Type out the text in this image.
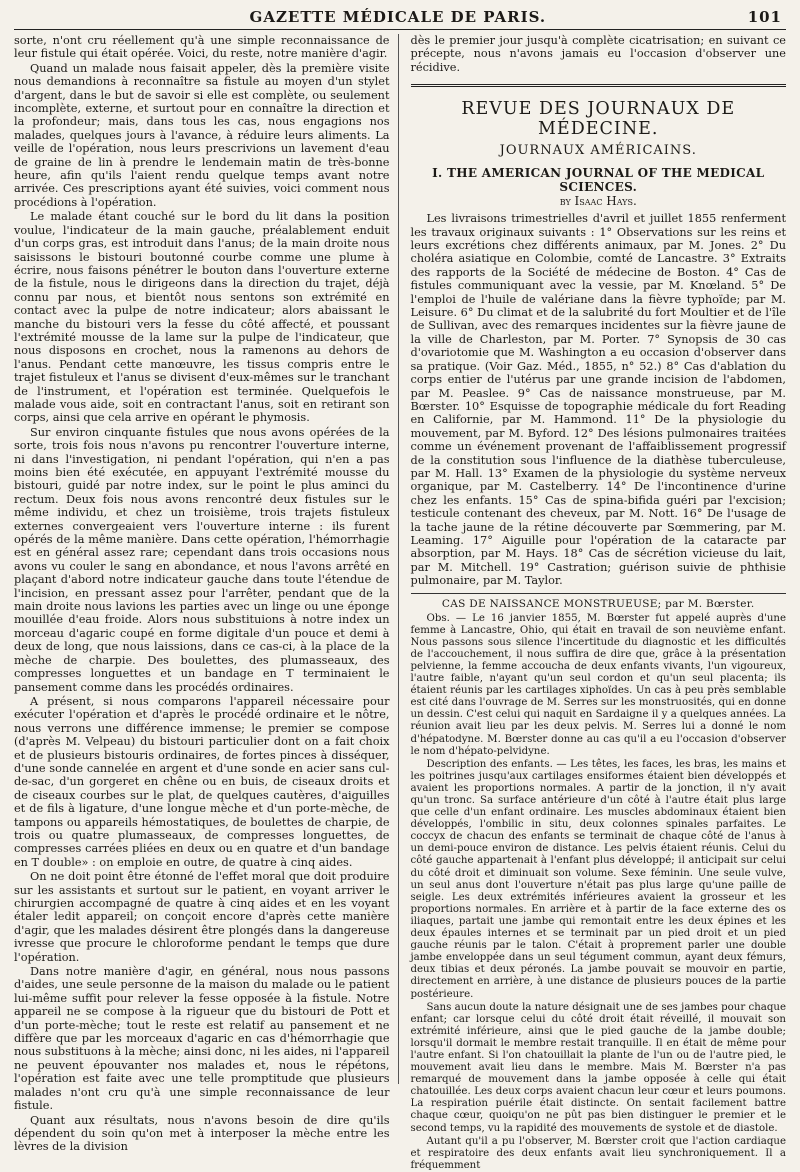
GAZETTE MÉDICALE DE PARIS.	101

sorte, n'ont cru réellement qu'à une simple reconnaissance de leur fistule qui était opérée. Voici, du reste, notre manière d'agir.

Quand un malade nous faisait appeler, dès la première visite nous demandions à reconnaître sa fistule au moyen d'un stylet d'argent, dans le but de savoir si elle est complète, ou seulement incomplète, externe, et surtout pour en connaître la direction et la profondeur; mais, dans tous les cas, nous engagions nos malades, quelques jours à l'avance, à réduire leurs aliments. La veille de l'opération, nous leurs prescrivions un lavement d'eau de graine de lin à prendre le lendemain matin de très-bonne heure, afin qu'ils l'aient rendu quelque temps avant notre arrivée. Ces prescriptions ayant été suivies, voici comment nous procédions à l'opération.

Le malade étant couché sur le bord du lit dans la position voulue, l'indicateur de la main gauche, préalablement enduit d'un corps gras, est introduit dans l'anus; de la main droite nous saisissons le bistouri boutonné courbe comme une plume à écrire, nous faisons pénétrer le bouton dans l'ouverture externe de la fistule, nous le dirigeons dans la direction du trajet, déjà connu par nous, et bientôt nous sentons son extrémité en contact avec la pulpe de notre indicateur; alors abaissant le manche du bistouri vers la fesse du côté affecté, et poussant l'extrémité mousse de la lame sur la pulpe de l'indicateur, que nous disposons en crochet, nous la ramenons au dehors de l'anus. Pendant cette manœuvre, les tissus compris entre le trajet fistuleux et l'anus se divisent d'eux-mêmes sur le tranchant de l'instrument, et l'opération est terminée. Quelquefois le malade vous aide, soit en contractant l'anus, soit en retirant son corps, ainsi que cela arrive en opérant le phymosis.

Sur environ cinquante fistules que nous avons opérées de la sorte, trois fois nous n'avons pu rencontrer l'ouverture interne, ni dans l'investigation, ni pendant l'opération, qui n'en a pas moins bien été exécutée, en appuyant l'extrémité mousse du bistouri, guidé par notre index, sur le point le plus aminci du rectum. Deux fois nous avons rencontré deux fistules sur le même individu, et chez un troisième, trois trajets fistuleux externes convergeaient vers l'ouverture interne : ils furent opérés de la même manière. Dans cette opération, l'hémorrhagie est en général assez rare; cependant dans trois occasions nous avons vu couler le sang en abondance, et nous l'avons arrêté en plaçant d'abord notre indicateur gauche dans toute l'étendue de l'incision, en pressant assez pour l'arrêter, pendant que de la main droite nous lavions les parties avec un linge ou une éponge mouillée d'eau froide. Alors nous substituions à notre index un morceau d'agaric coupé en forme digitale d'un pouce et demi à deux de long, que nous laissions, dans ce cas-ci, à la place de la mèche de charpie. Des boulettes, des plumasseaux, des compresses longuettes et un bandage en T terminaient le pansement comme dans les procédés ordinaires.

A présent, si nous comparons l'appareil nécessaire pour exécuter l'opération et d'après le procédé ordinaire et le nôtre, nous verrons une différence immense; le premier se compose (d'après M. Velpeau) du bistouri particulier dont on a fait choix et de plusieurs bistouris ordinaires, de fortes pinces à disséquer, d'une sonde cannelée en argent et d'une sonde en acier sans cul-de-sac, d'un gorgeret en chêne ou en buis, de ciseaux droits et de ciseaux courbes sur le plat, de quelques cautères, d'aiguilles et de fils à ligature, d'une longue mèche et d'un porte-mèche, de tampons ou appareils hémostatiques, de boulettes de charpie, de trois ou quatre plumasseaux, de compresses longuettes, de compresses carrées pliées en deux ou en quatre et d'un bandage en T double» : on emploie en outre, de quatre à cinq aides.

On ne doit point être étonné de l'effet moral que doit produire sur les assistants et surtout sur le patient, en voyant arriver le chirurgien accompagné de quatre à cinq aides et en les voyant étaler ledit appareil; on conçoit encore d'après cette manière d'agir, que les malades désirent être plongés dans la dangereuse ivresse que procure le chloroforme pendant le temps que dure l'opération.

Dans notre manière d'agir, en général, nous nous passons d'aides, une seule personne de la maison du malade ou le patient lui-même suffit pour relever la fesse opposée à la fistule. Notre appareil ne se compose à la rigueur que du bistouri de Pott et d'un porte-mèche; tout le reste est relatif au pansement et ne diffère que par les morceaux d'agaric en cas d'hémorrhagie que nous substituons à la mèche; ainsi donc, ni les aides, ni l'appareil ne peuvent épouvanter nos malades et, nous le répétons, l'opération est faite avec une telle promptitude que plusieurs malades n'ont cru qu'à une simple reconnaissance de leur fistule.

Quant aux résultats, nous n'avons besoin de dire qu'ils dépendent du soin qu'on met à interposer la mèche entre les lèvres de la division

dès le premier jour jusqu'à complète cicatrisation; en suivant ce précepte, nous n'avons jamais eu l'occasion d'observer une récidive.

REVUE DES JOURNAUX DE MÉDECINE.
JOURNAUX AMÉRICAINS.
I. THE AMERICAN JOURNAL OF THE MEDICAL SCIENCES.
by Isaac Hays.

Les livraisons trimestrielles d'avril et juillet 1855 renferment les travaux originaux suivants : 1° Observations sur les reins et leurs excrétions chez différents animaux, par M. Jones. 2° Du choléra asiatique en Colombie, comté de Lancastre. 3° Extraits des rapports de la Société de médecine de Boston. 4° Cas de fistules communiquant avec la vessie, par M. Knœland. 5° De l'emploi de l'huile de valériane dans la fièvre typhoïde; par M. Leisure. 6° Du climat et de la salubrité du fort Moultier et de l'île de Sullivan, avec des remarques incidentes sur la fièvre jaune de la ville de Charleston, par M. Porter. 7° Synopsis de 30 cas d'ovariotomie que M. Washington a eu occasion d'observer dans sa pratique. (Voir Gaz. Méd., 1855, n° 52.) 8° Cas d'ablation du corps entier de l'utérus par une grande incision de l'abdomen, par M. Peaslee. 9° Cas de naissance monstrueuse, par M. Bœrster. 10° Esquisse de topographie médicale du fort Reading en Californie, par M. Hammond. 11° De la physiologie du mouvement, par M. Byford. 12° Des lésions pulmonaires traitées comme un événement provenant de l'affaiblissement progressif de la constitution sous l'influence de la diathèse tuberculeuse, par M. Hall. 13° Examen de la physiologie du système nerveux organique, par M. Castelberry. 14° De l'incontinence d'urine chez les enfants. 15° Cas de spina-bifida guéri par l'excision; testicule contenant des cheveux, par M. Nott. 16° De l'usage de la tache jaune de la rétine découverte par Sœmmering, par M. Leaming. 17° Aiguille pour l'opération de la cataracte par absorption, par M. Hays. 18° Cas de sécrétion vicieuse du lait, par M. Mitchell. 19° Castration; guérison suivie de phthisie pulmonaire, par M. Taylor.

CAS DE NAISSANCE MONSTRUEUSE; par M. Bœrster.

Obs. — Le 16 janvier 1855, M. Bœrster fut appelé auprès d'une femme à Lancastre, Ohio, qui était en travail de son neuvième enfant. Nous passons sous silence l'incertitude du diagnostic et les difficultés de l'accouchement, il nous suffira de dire que, grâce à la présentation pelvienne, la femme accoucha de deux enfants vivants, l'un vigoureux, l'autre faible, n'ayant qu'un seul cordon et qu'un seul placenta; ils étaient réunis par les cartilages xiphoïdes. Un cas à peu près semblable est cité dans l'ouvrage de M. Serres sur les monstruosités, qui en donne un dessin. C'est celui qui naquit en Sardaigne il y a quelques années. La réunion avait lieu par les deux pelvis. M. Serres lui a donné le nom d'hépatodyne. M. Bœrster donne au cas qu'il a eu l'occasion d'observer le nom d'hépato-pelvidyne.

Description des enfants. — Les têtes, les faces, les bras, les mains et les poitrines jusqu'aux cartilages ensiformes étaient bien développés et avaient les proportions normales. A partir de la jonction, il n'y avait qu'un tronc. Sa surface antérieure d'un côté à l'autre était plus large que celle d'un enfant ordinaire. Les muscles abdominaux étaient bien développés, l'ombilic in situ, deux colonnes spinales parfaites. Le coccyx de chacun des enfants se terminait de chaque côté de l'anus à un demi-pouce environ de distance. Les pelvis étaient réunis. Celui du côté gauche appartenait à l'enfant plus développé; il anticipait sur celui du côté droit et diminuait son volume. Sexe féminin. Une seule vulve, un seul anus dont l'ouverture n'était pas plus large qu'une paille de seigle. Les deux extrémités inférieures avaient la grosseur et les proportions normales. En arrière et à partir de la face externe des os iliaques, partait une jambe qui remontait entre les deux épines et les deux épaules internes et se terminait par un pied droit et un pied gauche réunis par le talon. C'était à proprement parler une double jambe enveloppée dans un seul tégument commun, ayant deux fémurs, deux tibias et deux péronés. La jambe pouvait se mouvoir en partie, directement en arrière, à une distance de plusieurs pouces de la partie postérieure.

Sans aucun doute la nature désignait une de ses jambes pour chaque enfant; car lorsque celui du côté droit était réveillé, il mouvait son extrémité inférieure, ainsi que le pied gauche de la jambe double; lorsqu'il dormait le membre restait tranquille. Il en était de même pour l'autre enfant. Si l'on chatouillait la plante de l'un ou de l'autre pied, le mouvement avait lieu dans le membre. Mais M. Bœrster n'a pas remarqué de mouvement dans la jambe opposée à celle qui était chatouillée. Les deux corps avaient chacun leur cœur et leurs poumons. La respiration puérile était distincte. On sentait facilement battre chaque cœur, quoiqu'on ne pût pas bien distinguer le premier et le second temps, vu la rapidité des mouvements de systole et de diastole.

Autant qu'il a pu l'observer, M. Bœrster croit que l'action cardiaque et respiratoire des deux enfants avait lieu synchroniquement. Il a fréquemment
